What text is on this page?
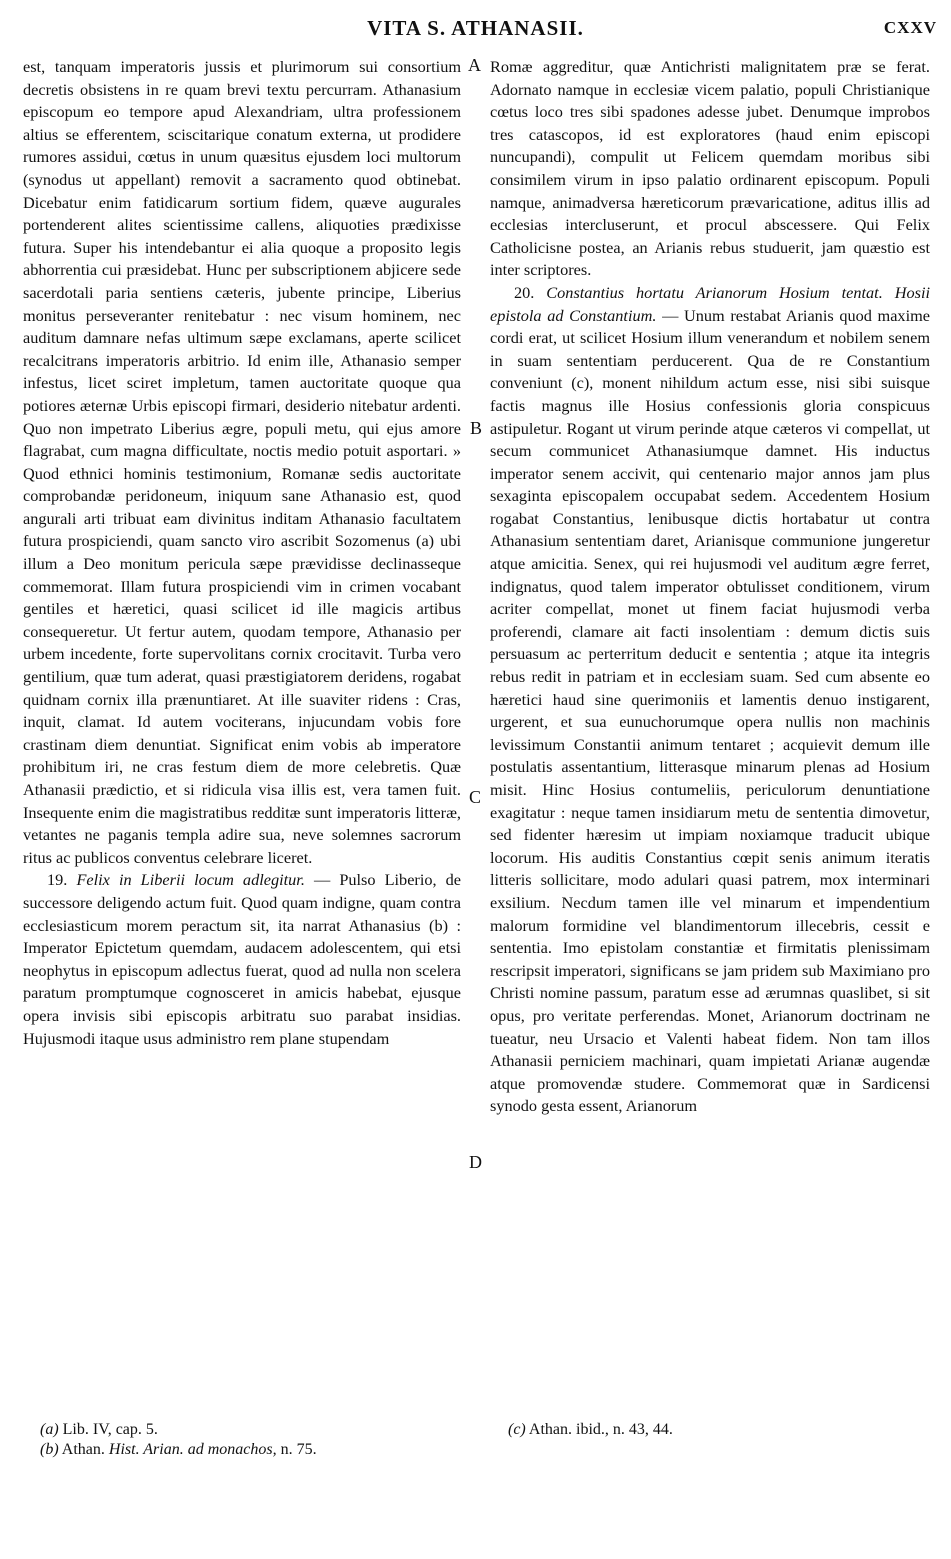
VITA S. ATHANASII.	CXXV

est, tanquam imperatoris jussis et plurimorum sui consortium decretis obsistens in re quam brevi textu percurram. Athanasium episcopum eo tempore apud Alexandriam, ultra professionem altius se efferentem, sciscitarique conatum externa, ut prodidere rumores assidui, cœtus in unum quæsitus ejusdem loci multorum (synodus ut appellant) removit a sacramento quod obtinebat. Dicebatur enim fatidicarum sortium fidem, quæve augurales portenderent alites scientissime callens, aliquoties prædixisse futura. Super his intendebantur ei alia quoque a proposito legis abhorrentia cui præsidebat. Hunc per subscriptionem abjicere sede sacerdotali paria sentiens cæteris, jubente principe, Liberius monitus perseveranter renitebatur : nec visum hominem, nec auditum damnare nefas ultimum sæpe exclamans, aperte scilicet recalcitrans imperatoris arbitrio. Id enim ille, Athanasio semper infestus, licet sciret impletum, tamen auctoritate quoque qua potiores æternæ Urbis episcopi firmari, desiderio nitebatur ardenti. Quo non impetrato Liberius ægre, populi metu, qui ejus amore flagrabat, cum magna difficultate, noctis medio potuit asportari. » Quod ethnici hominis testimonium, Romanæ sedis auctoritate comprobandæ peridoneum, iniquum sane Athanasio est, quod angurali arti tribuat eam divinitus inditam Athanasio facultatem futura prospiciendi, quam sancto viro ascribit Sozomenus (a) ubi illum a Deo monitum pericula sæpe prævidisse declinasseque commemorat. Illam futura prospiciendi vim in crimen vocabant gentiles et hæretici, quasi scilicet id ille magicis artibus consequeretur. Ut fertur autem, quodam tempore, Athanasio per urbem incedente, forte supervolitans cornix crocitavit. Turba vero gentilium, quæ tum aderat, quasi præstigiatorem deridens, rogabat quidnam cornix illa prænuntiaret. At ille suaviter ridens : Cras, inquit, clamat. Id autem vociterans, injucundam vobis fore crastinam diem denuntiat. Significat enim vobis ab imperatore prohibitum iri, ne cras festum diem de more celebretis. Quæ Athanasii prædictio, et si ridicula visa illis est, vera tamen fuit. Insequente enim die magistratibus redditæ sunt imperatoris litteræ, vetantes ne paganis templa adire sua, neve solemnes sacrorum ritus ac publicos conventus celebrare liceret.

19. Felix in Liberii locum adlegitur. — Pulso Liberio, de successore deligendo actum fuit. Quod quam indigne, quam contra ecclesiasticum morem peractum sit, ita narrat Athanasius (b) : Imperator Epictetum quemdam, audacem adolescentem, qui etsi neophytus in episcopum adlectus fuerat, quod ad nulla non scelera paratum promptumque cognosceret in amicis habebat, ejusque opera invisis sibi episcopis arbitratu suo parabat insidias. Hujusmodi itaque usus administro rem plane stupendam

Romæ aggreditur, quæ Antichristi malignitatem præ se ferat. Adornato namque in ecclesiæ vicem palatio, populi Christianique cœtus loco tres sibi spadones adesse jubet. Denumque improbos tres catascopos, id est exploratores (haud enim episcopi nuncupandi), compulit ut Felicem quemdam moribus sibi consimilem virum in ipso palatio ordinarent episcopum. Populi namque, animadversa hæreticorum prævaricatione, aditus illis ad ecclesias intercluserunt, et procul abscessere. Qui Felix Catholicisne postea, an Arianis rebus studuerit, jam quæstio est inter scriptores.

20. Constantius hortatu Arianorum Hosium tentat. Hosii epistola ad Constantium. — Unum restabat Arianis quod maxime cordi erat, ut scilicet Hosium illum venerandum et nobilem senem in suam sententiam perducerent. Qua de re Constantium conveniunt (c), monent nihildum actum esse, nisi sibi suisque factis magnus ille Hosius confessionis gloria conspicuus astipuletur. Rogant ut virum perinde atque cæteros vi compellat, ut secum communicet Athanasiumque damnet. His inductus imperator senem accivit, qui centenario major annos jam plus sexaginta episcopalem occupabat sedem. Accedentem Hosium rogabat Constantius, lenibusque dictis hortabatur ut contra Athanasium sententiam daret, Arianisque communione jungeretur atque amicitia. Senex, qui rei hujusmodi vel auditum ægre ferret, indignatus, quod talem imperator obtulisset conditionem, virum acriter compellat, monet ut finem faciat hujusmodi verba proferendi, clamare ait facti insolentiam : demum dictis suis persuasum ac perterritum deducit e sententia ; atque ita integris rebus redit in patriam et in ecclesiam suam. Sed cum absente eo hæretici haud sine querimoniis et lamentis denuo instigarent, urgerent, et sua eunuchorumque opera nullis non machinis levissimum Constantii animum tentaret ; acquievit demum ille postulatis assentantium, litterasque minarum plenas ad Hosium misit. Hinc Hosius contumeliis, periculorum denuntiatione exagitatur : neque tamen insidiarum metu de sententia dimovetur, sed fidenter hæresim ut impiam noxiamque traducit ubique locorum. His auditis Constantius cœpit senis animum iteratis litteris sollicitare, modo adulari quasi patrem, mox interminari exsilium. Necdum tamen ille vel minarum et impendentium malorum formidine vel blandimentorum illecebris, cessit e sententia. Imo epistolam constantiæ et firmitatis plenissimam rescripsit imperatori, significans se jam pridem sub Maximiano pro Christi nomine passum, paratum esse ad ærumnas quaslibet, si sit opus, pro veritate perferendas. Monet, Arianorum doctrinam ne tueatur, neu Ursacio et Valenti habeat fidem. Non tam illos Athanasii perniciem machinari, quam impietati Arianæ augendæ atque promovendæ studere. Commemorat quæ in Sardicensi synodo gesta essent, Arianorum

A
B
C
D
(a) Lib. IV, cap. 5.
(b) Athan. Hist. Arian. ad monachos, n. 75.
(c) Athan. ibid., n. 43, 44.
